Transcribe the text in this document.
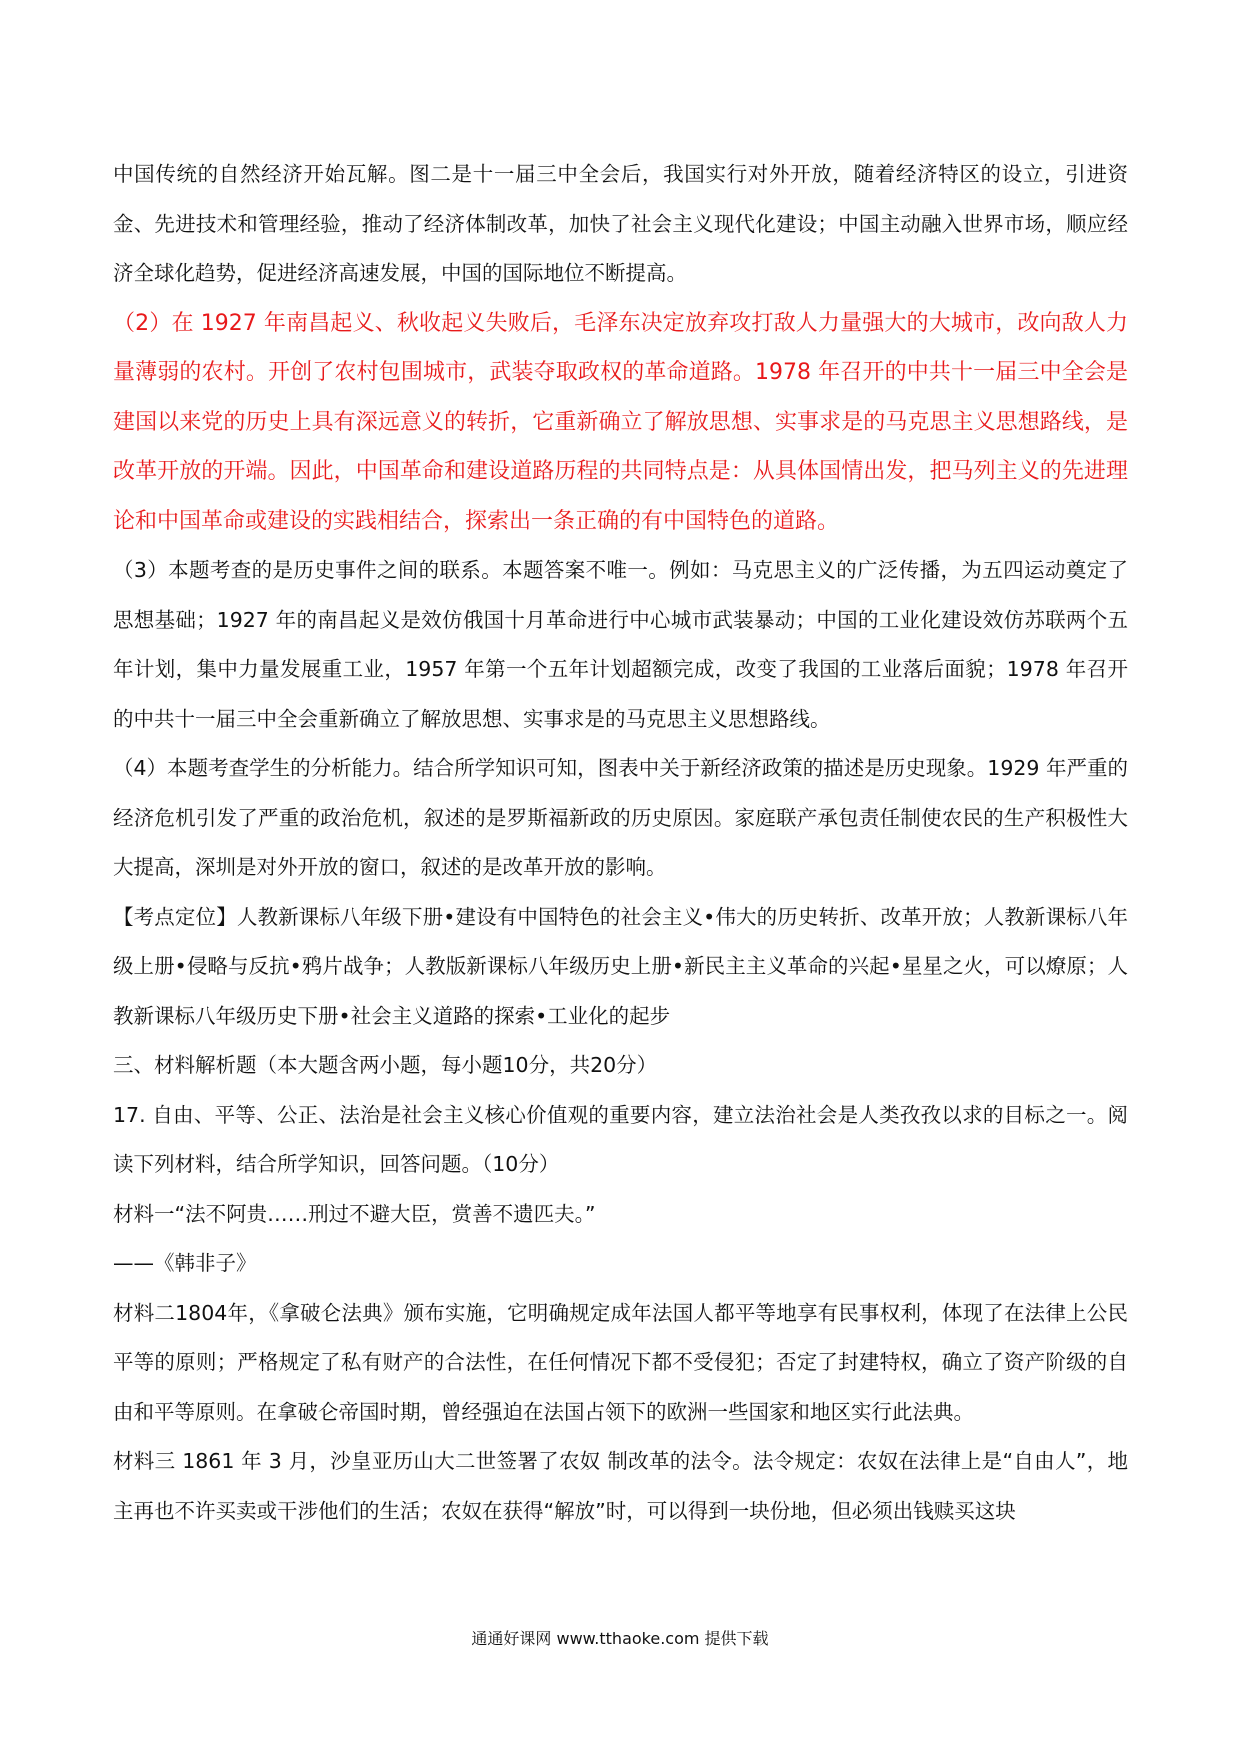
中国传统的自然经济开始瓦解。图二是十一届三中全会后，我国实行对外开放，随着经济特区的设立，引进资金、先进技术和管理经验，推动了经济体制改革，加快了社会主义现代化建设；中国主动融入世界市场，顺应经济全球化趋势，促进经济高速发展，中国的国际地位不断提高。

（2）在 1927 年南昌起义、秋收起义失败后，毛泽东决定放弃攻打敌人力量强大的大城市，改向敌人力量薄弱的农村。开创了农村包围城市，武装夺取政权的革命道路。1978 年召开的中共十一届三中全会是建国以来党的历史上具有深远意义的转折，它重新确立了解放思想、实事求是的马克思主义思想路线，是改革开放的开端。因此，中国革命和建设道路历程的共同特点是：从具体国情出发，把马列主义的先进理论和中国革命或建设的实践相结合，探索出一条正确的有中国特色的道路。

（3）本题考查的是历史事件之间的联系。本题答案不唯一。例如：马克思主义的广泛传播，为五四运动奠定了思想基础；1927 年的南昌起义是效仿俄国十月革命进行中心城市武装暴动；中国的工业化建设效仿苏联两个五年计划，集中力量发展重工业，1957 年第一个五年计划超额完成，改变了我国的工业落后面貌；1978 年召开的中共十一届三中全会重新确立了解放思想、实事求是的马克思主义思想路线。

（4）本题考查学生的分析能力。结合所学知识可知，图表中关于新经济政策的描述是历史现象。1929 年严重的经济危机引发了严重的政治危机，叙述的是罗斯福新政的历史原因。家庭联产承包责任制使农民的生产积极性大大提高，深圳是对外开放的窗口，叙述的是改革开放的影响。

【考点定位】人教新课标八年级下册•建设有中国特色的社会主义•伟大的历史转折、改革开放；人教新课标八年级上册•侵略与反抗•鸦片战争；人教版新课标八年级历史上册•新民主主义革命的兴起•星星之火，可以燎原；人教新课标八年级历史下册•社会主义道路的探索•工业化的起步

三、材料解析题（本大题含两小题，每小题10分，共20分）

17. 自由、平等、公正、法治是社会主义核心价值观的重要内容，建立法治社会是人类孜孜以求的目标之一。阅读下列材料，结合所学知识，回答问题。（10分）

材料一“法不阿贵……刑过不避大臣，赏善不遗匹夫。”

——《韩非子》

材料二1804年，《拿破仑法典》颁布实施，它明确规定成年法国人都平等地享有民事权利，体现了在法律上公民平等的原则；严格规定了私有财产的合法性，在任何情况下都不受侵犯；否定了封建特权，确立了资产阶级的自由和平等原则。在拿破仑帝国时期，曾经强迫在法国占领下的欧洲一些国家和地区实行此法典。

材料三 1861 年 3 月，沙皇亚历山大二世签署了农奴 制改革的法令。法令规定：农奴在法律上是“自由人”，地主再也不许买卖或干涉他们的生活；农奴在获得“解放”时，可以得到一块份地，但必须出钱赎买这块

通通好课网 www.tthaoke.com 提供下载
